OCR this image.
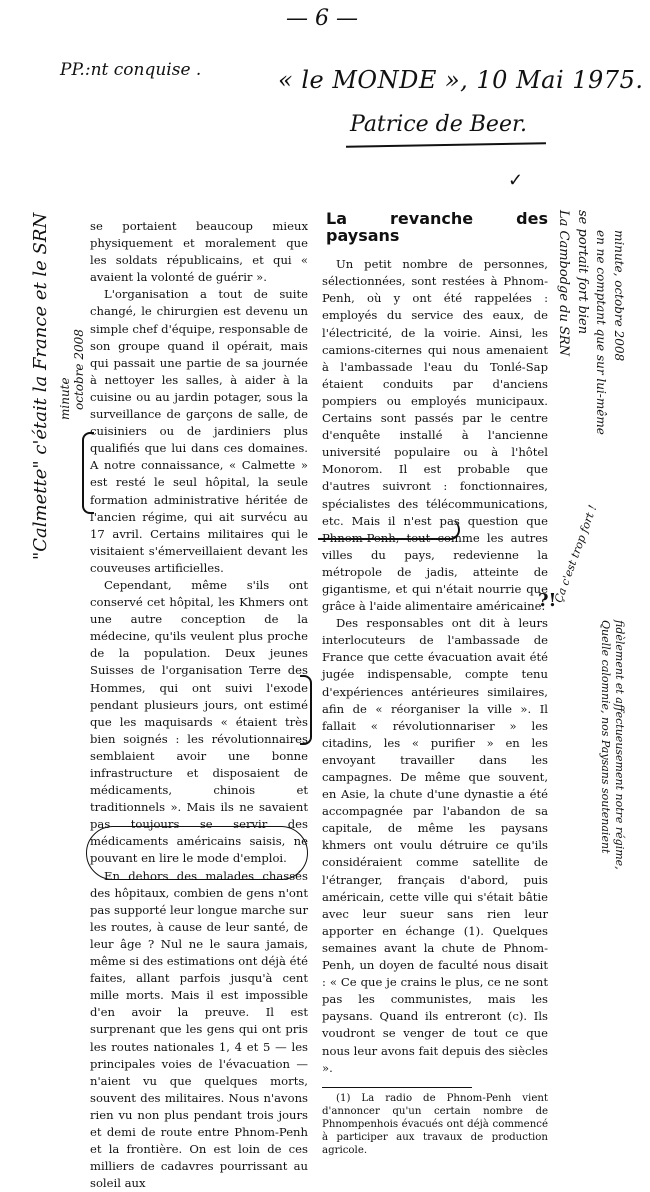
— 6 —
PP.:nt conquise .	« le MONDE », 10 Mai 1975.
Patrice de Beer.
✓
"Calmette" c'était la France et le SRN minute octobre 2008
La Cambodge du SRN se portait fort bien en ne comptant que sur lui-même minute, octobre 2008
Quelle calomnie, nos Paysans soutenaient fidèlement et affectueusement notre régime,
Ça c'est trop fort !
?!

se portaient beaucoup mieux physiquement et moralement que les soldats républicains, et qui « avaient la volonté de guérir ».

L'organisation a tout de suite changé, le chirurgien est devenu un simple chef d'équipe, responsable de son groupe quand il opérait, mais qui passait une partie de sa journée à nettoyer les salles, à aider à la cuisine ou au jardin potager, sous la surveillance de garçons de salle, de cuisiniers ou de jardiniers plus qualifiés que lui dans ces domaines. A notre connaissance, « Calmette » est resté le seul hôpital, la seule formation administrative héritée de l'ancien régime, qui ait survécu au 17 avril. Certains militaires qui le visitaient s'émerveillaient devant les couveuses artificielles.

Cependant, même s'ils ont conservé cet hôpital, les Khmers ont une autre conception de la médecine, qu'ils veulent plus proche de la population. Deux jeunes Suisses de l'organisation Terre des Hommes, qui ont suivi l'exode pendant plusieurs jours, ont estimé que les maquisards « étaient très bien soignés : les révolutionnaires semblaient avoir une bonne infrastructure et disposaient de médicaments, chinois et traditionnels ». Mais ils ne savaient pas toujours se servir des médicaments américains saisis, ne pouvant en lire le mode d'emploi.

En dehors des malades chassés des hôpitaux, combien de gens n'ont pas supporté leur longue marche sur les routes, à cause de leur santé, de leur âge ? Nul ne le saura jamais, même si des estimations ont déjà été faites, allant parfois jusqu'à cent mille morts. Mais il est impossible d'en avoir la preuve. Il est surprenant que les gens qui ont pris les routes nationales 1, 4 et 5 — les principales voies de l'évacuation — n'aient vu que quelques morts, souvent des militaires. Nous n'avons rien vu non plus pendant trois jours et demi de route entre Phnom-Penh et la frontière. On est loin de ces milliers de cadavres pourrissant au soleil aux

La revanche des paysans

Un petit nombre de personnes, sélectionnées, sont restées à Phnom-Penh, où y ont été rappelées : employés du service des eaux, de l'électricité, de la voirie. Ainsi, les camions-citernes qui nous amenaient à l'ambassade l'eau du Tonlé-Sap étaient conduits par d'anciens pompiers ou employés municipaux. Certains sont passés par le centre d'enquête installé à l'ancienne université populaire ou à l'hôtel Monorom. Il est probable que d'autres suivront : fonctionnaires, spécialistes des télécommunications, etc. Mais il n'est pas question que Phnom-Penh, tout comme les autres villes du pays, redevienne la métropole de jadis, atteinte de gigantisme, et qui n'était nourrie que grâce à l'aide alimentaire américaine.

Des responsables ont dit à leurs interlocuteurs de l'ambassade de France que cette évacuation avait été jugée indispensable, compte tenu d'expériences antérieures similaires, afin de « réorganiser la ville ». Il fallait « révolutionnariser » les citadins, les « purifier » en les envoyant travailler dans les campagnes. De même que souvent, en Asie, la chute d'une dynastie a été accompagnée par l'abandon de sa capitale, de même les paysans khmers ont voulu détruire ce qu'ils considéraient comme satellite de l'étranger, français d'abord, puis américain, cette ville qui s'était bâtie avec leur sueur sans rien leur apporter en échange (1). Quelques semaines avant la chute de Phnom-Penh, un doyen de faculté nous disait : « Ce que je crains le plus, ce ne sont pas les communistes, mais les paysans. Quand ils entreront (c). Ils voudront se venger de tout ce que nous leur avons fait depuis des siècles ».

(1) La radio de Phnom-Penh vient d'annoncer qu'un certain nombre de Phnompenhois évacués ont déjà commencé à participer aux travaux de production agricole.
